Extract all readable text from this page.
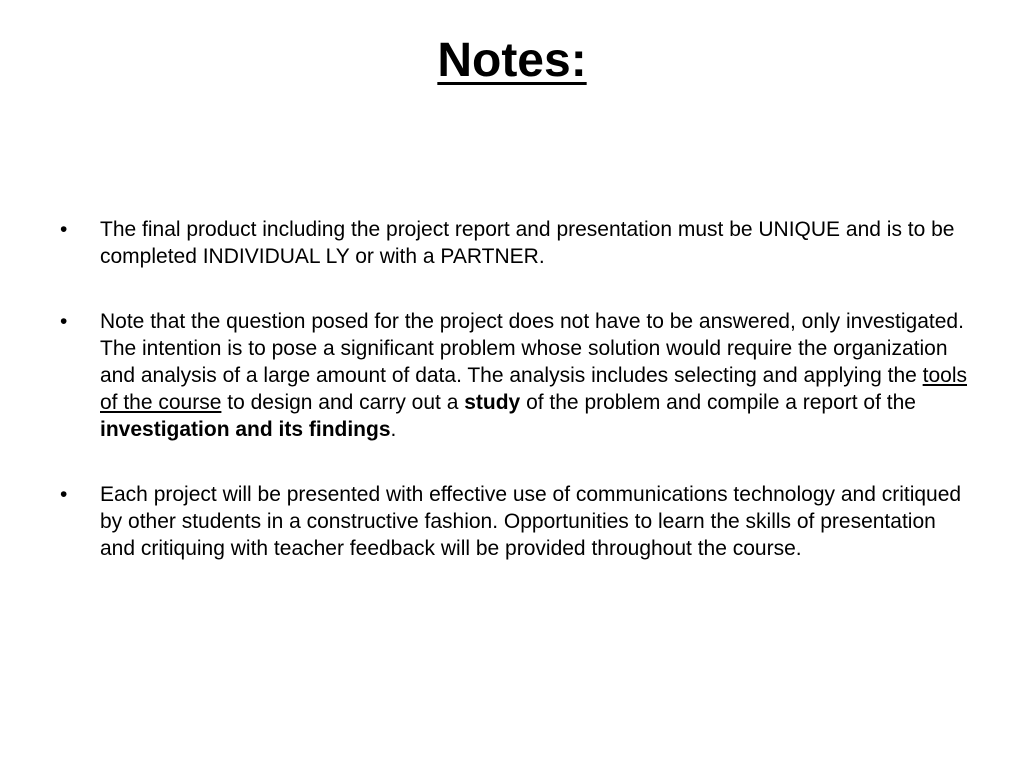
Notes:
•	The final product including the project report and presentation must be UNIQUE and is to be completed INDIVIDUAL LY or with a PARTNER.
•	Note that the question posed for the project does not have to be answered, only investigated. The intention is to pose a significant problem whose solution would require the organization and analysis of a large amount of data. The analysis includes selecting and applying the tools of the course to design and carry out a study of the problem and compile a report of the investigation and its findings.
•	Each project will be presented with effective use of communications technology and critiqued by other students in a constructive fashion. Opportunities to learn the skills of presentation and critiquing with teacher feedback will be provided throughout the course.
